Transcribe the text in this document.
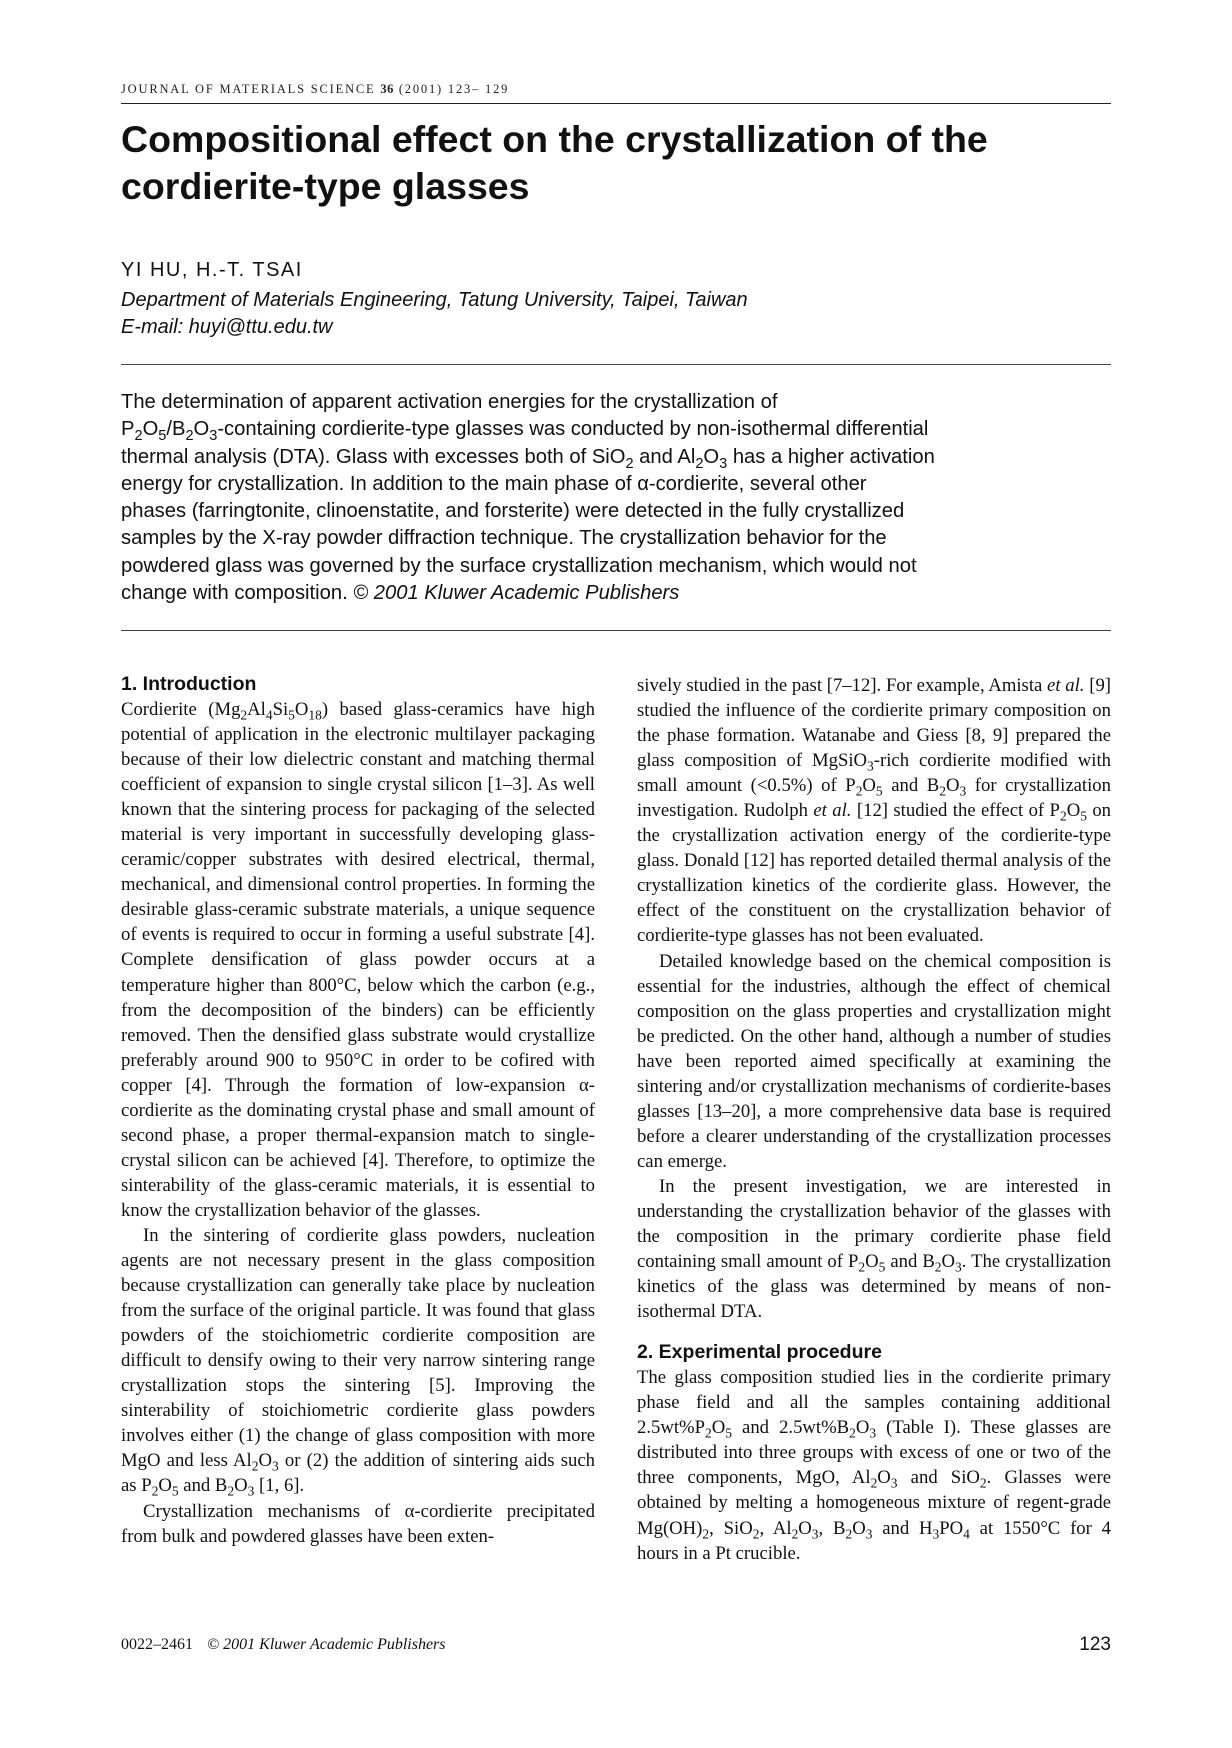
JOURNAL OF MATERIALS SCIENCE 36 (2001) 123– 129
Compositional effect on the crystallization of the
cordierite-type glasses
YI HU, H.-T. TSAI
Department of Materials Engineering, Tatung University, Taipei, Taiwan
E-mail: huyi@ttu.edu.tw

The determination of apparent activation energies for the crystallization of
$P_2O_5/B_2O_3$-containing cordierite-type glasses was conducted by non-isothermal differential
thermal analysis (DTA). Glass with excesses both of SiO$_2$ and $Al_2O_3$ has a higher activation
energy for crystallization. In addition to the main phase of α-cordierite, several other
phases (farringtonite, clinoenstatite, and forsterite) were detected in the fully crystallized
samples by the X-ray powder diffraction technique. The crystallization behavior for the
powdered glass was governed by the surface crystallization mechanism, which would not
change with composition. © 2001 Kluwer Academic Publishers

1. Introduction

Cordierite $(Mg_2Al_4Si_5O_{18})$ based glass-ceramics have high potential of application in the electronic multilayer packaging because of their low dielectric constant and matching thermal coefficient of expansion to single crystal silicon [1–3]. As well known that the sintering process for packaging of the selected material is very important in successfully developing glass-ceramic/copper substrates with desired electrical, thermal, mechanical, and dimensional control properties. In forming the desirable glass-ceramic substrate materials, a unique sequence of events is required to occur in forming a useful substrate [4]. Complete densification of glass powder occurs at a temperature higher than 800°C, below which the carbon (e.g., from the decomposition of the binders) can be efficiently removed. Then the densified glass substrate would crystallize preferably around 900 to 950°C in order to be cofired with copper [4]. Through the formation of low-expansion α-cordierite as the dominating crystal phase and small amount of second phase, a proper thermal-expansion match to single-crystal silicon can be achieved [4]. Therefore, to optimize the sinterability of the glass-ceramic materials, it is essential to know the crystallization behavior of the glasses.

In the sintering of cordierite glass powders, nucleation agents are not necessary present in the glass composition because crystallization can generally take place by nucleation from the surface of the original particle. It was found that glass powders of the stoichiometric cordierite composition are difficult to densify owing to their very narrow sintering range crystallization stops the sintering [5]. Improving the sinterability of stoichiometric cordierite glass powders involves either (1) the change of glass composition with more MgO and less $Al_2O_3$ or (2) the addition of sintering aids such as $P_2O_5$ and $B_2O_3$ [1, 6].

Crystallization mechanisms of α-cordierite precipitated from bulk and powdered glasses have been exten-

sively studied in the past [7–12]. For example, Amista et al. [9] studied the influence of the cordierite primary composition on the phase formation. Watanabe and Giess [8, 9] prepared the glass composition of MgSiO$_3$-rich cordierite modified with small amount (<0.5%) of $P_2O_5$ and $B_2O_3$ for crystallization investigation. Rudolph et al. [12] studied the effect of $P_2O_5$ on the crystallization activation energy of the cordierite-type glass. Donald [12] has reported detailed thermal analysis of the crystallization kinetics of the cordierite glass. However, the effect of the constituent on the crystallization behavior of cordierite-type glasses has not been evaluated.

Detailed knowledge based on the chemical composition is essential for the industries, although the effect of chemical composition on the glass properties and crystallization might be predicted. On the other hand, although a number of studies have been reported aimed specifically at examining the sintering and/or crystallization mechanisms of cordierite-bases glasses [13–20], a more comprehensive data base is required before a clearer understanding of the crystallization processes can emerge.

In the present investigation, we are interested in understanding the crystallization behavior of the glasses with the composition in the primary cordierite phase field containing small amount of $P_2O_5$ and $B_2O_3$. The crystallization kinetics of the glass was determined by means of non-isothermal DTA.

2. Experimental procedure

The glass composition studied lies in the cordierite primary phase field and all the samples containing additional $2.5wt\%P_2O_5$ and $2.5wt\%B_2O_3$ (Table I). These glasses are distributed into three groups with excess of one or two of the three components, MgO, $Al_2O_3$ and SiO$_2$. Glasses were obtained by melting a homogeneous mixture of regent-grade $Mg(OH)_2$, SiO$_2$, $Al_2O_3$, $B_2O_3$ and $H_3PO_4$ at 1550°C for 4 hours in a Pt crucible.

0022–2461 © 2001 Kluwer Academic Publishers	123
